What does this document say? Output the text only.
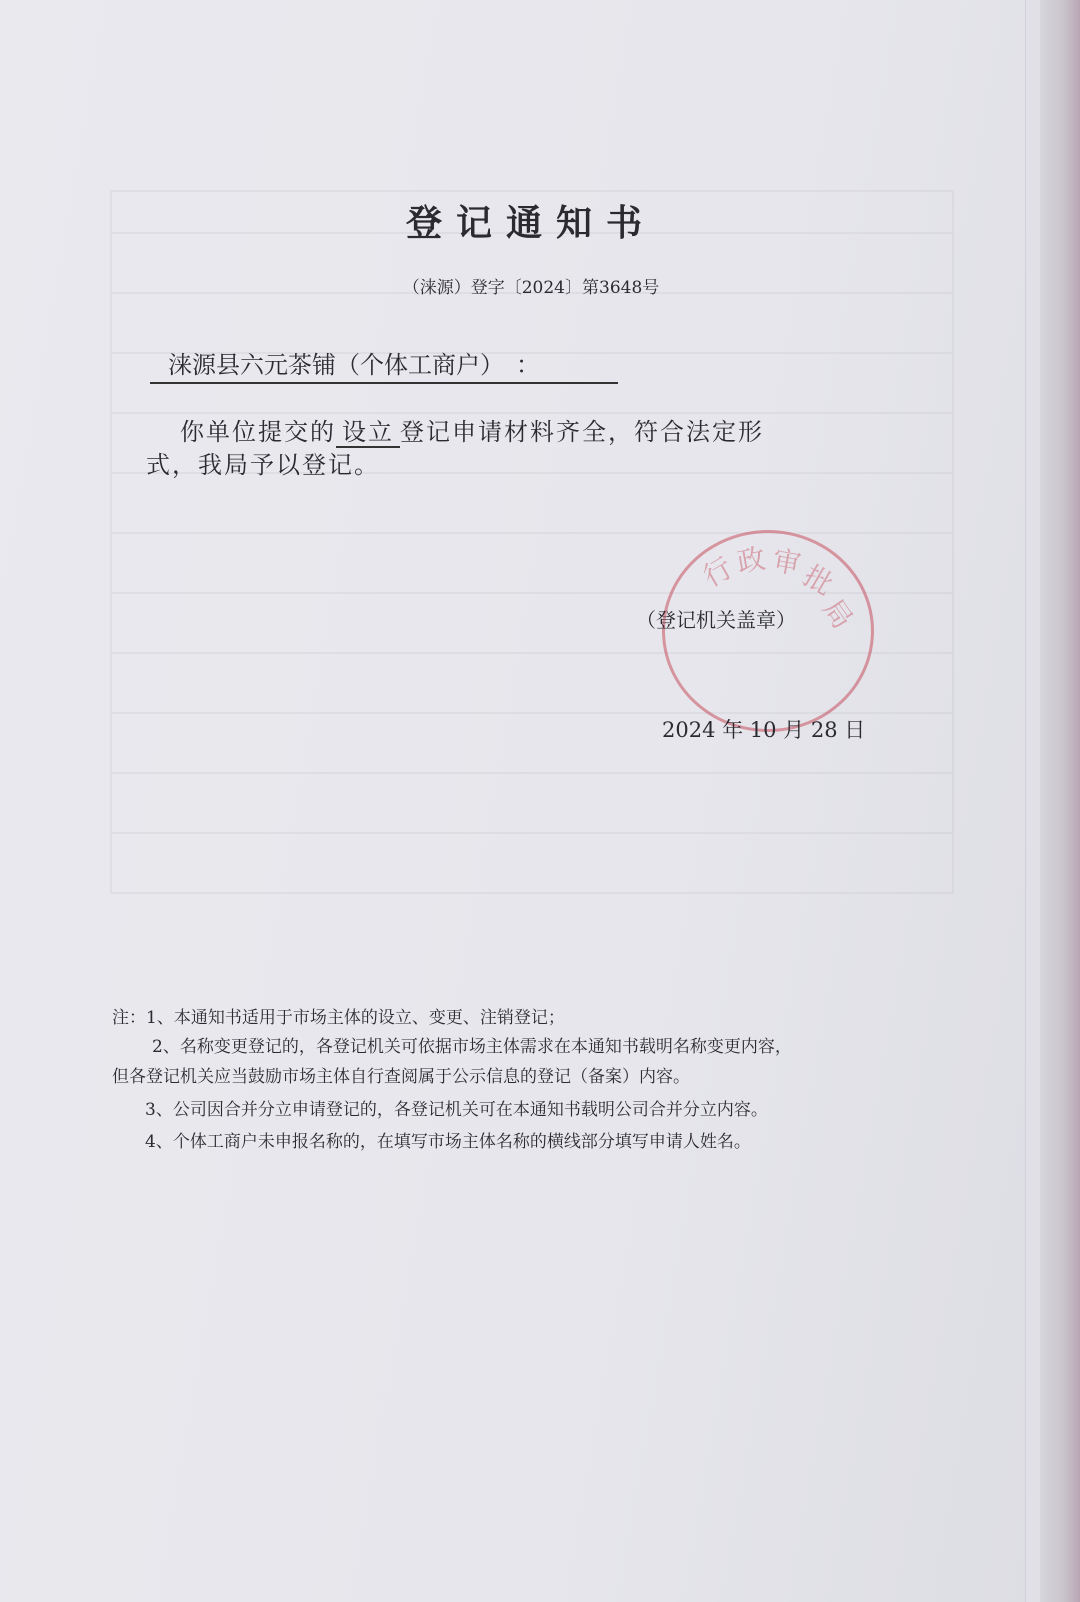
登记通知书
（涞源）登字〔2024〕第3648号
涞源县六元茶铺（个体工商户）　：
你单位提交的 设立 登记申请材料齐全，符合法定形
式，我局予以登记。
行
政 审
批
局
（登记机关盖章）
2024 年 10 月 28 日
注：1、本通知书适用于市场主体的设立、变更、注销登记；
2、名称变更登记的，各登记机关可依据市场主体需求在本通知书载明名称变更内容，
但各登记机关应当鼓励市场主体自行查阅属于公示信息的登记（备案）内容。
3、公司因合并分立申请登记的，各登记机关可在本通知书载明公司合并分立内容。
4、个体工商户未申报名称的，在填写市场主体名称的横线部分填写申请人姓名。
